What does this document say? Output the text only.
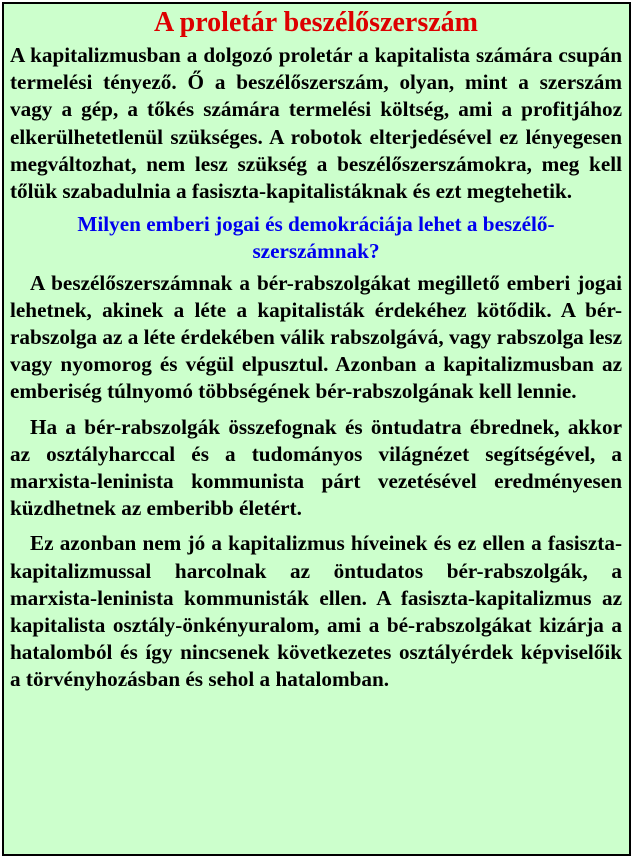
A proletár beszélőszerszám

A kapitalizmusban a dolgozó proletár a kapitalista számára csupán termelési tényező. Ő a beszélőszerszám, olyan, mint a szerszám vagy a gép, a tőkés számára termelési költség, ami a profitjához elkerülhetetlenül szükséges. A robotok elterjedésével ez lényegesen megváltozhat, nem lesz szükség a beszélőszerszámokra, meg kell tőlük szabadulnia a fasiszta-kapitalistáknak és ezt megtehetik.

Milyen emberi jogai és demokráciája lehet a beszélőszerszámnak?

A beszélőszerszámnak a bér-rabszolgákat megillető emberi jogai lehetnek, akinek a léte a kapitalisták érdekéhez kötődik. A bér-rabszolga az a léte érdekében válik rabszolgává, vagy rabszolga lesz vagy nyomorog és végül elpusztul. Azonban a kapitalizmusban az emberiség túlnyomó többségének bér-rabszolgának kell lennie.

Ha a bér-rabszolgák összefognak és öntudatra ébrednek, akkor az osztályharccal és a tudományos világnézet segítségével, a marxista-leninista kommunista párt vezetésével eredményesen küzdhetnek az emberibb életért.

Ez azonban nem jó a kapitalizmus híveinek és ez ellen a fasiszta-kapitalizmussal harcolnak az öntudatos bér-rabszolgák, a marxista-leninista kommunisták ellen. A fasiszta-kapitalizmus az kapitalista osztály-önkényuralom, ami a bé-rabszolgákat kizárja a hatalomból és így nincsenek következetes osztályérdek képviselőik a törvényhozásban és sehol a hatalomban.
